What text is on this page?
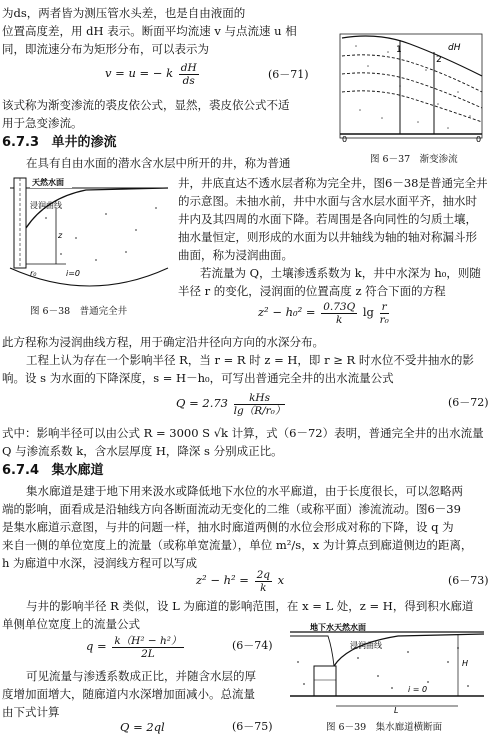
为ds，两者皆为测压管水头差，也是自由液面的
位置高度差，用 dH 表示。断面平均流速 v 与点流速 u 相
同，即流速分布为矩形分布，可以表示为
v = u = − k $\frac{dH}{ds}$	(6－71)
该式称为渐变渗流的裘皮依公式，显然，裘皮依公式不适
用于急变渗流。
6.7.3 单井的渗流
1
2
dH
0	0
图 6－37　渐变渗流
在具有自由水面的潜水含水层中所开的井，称为普通
井，井底直达不透水层者称为完全井，图6－38是普通完全井
的示意图。未抽水前，井中水面与含水层水面平齐，抽水时
井内及其四周的水面下降。若周围是各向同性的匀质土壤，
抽水量恒定，则形成的水面为以井轴线为轴的轴对称漏斗形
曲面，称为浸润曲面。
若流量为 Q，土壤渗透系数为 k，井中水深为 h₀，则随
半径 r 的变化，浸润面的位置高度 z 符合下面的方程
天然水面
浸润曲线
z
r₀	i=0
图 6－38　普通完全井	$z^2 - h_0^2 = \frac{0.73Q}{k}$ $\lg \frac{r}{\text{r₀}}$
此方程称为浸润曲线方程，用于确定沿井径向方向的水深分布。
工程上认为存在一个影响半径 R，当 r = R 时 z = H，即 r ≥ R 时水位不受井抽水的影
响。设 s 为水面的下降深度，s = H－h₀，可写出普通完全井的出水流量公式
$Q = 2.73 \frac{\text{kHs}}{\text{lg（R/r₀）}}$	(6－72)
式中：影响半径可以由公式 R = 3000 S √k 计算，式（6－72）表明，普通完全井的出水流量
Q 与渗流系数 k，含水层厚度 H，降深 s 分别成正比。
6.7.4 集水廊道
集水廊道是建于地下用来汲水或降低地下水位的水平廊道，由于长度很长，可以忽略两
端的影响，面看成是沿轴线方向各断面流动无变化的二维（或称平面）渗流流动。图6－39
是集水廊道示意图，与井的问题一样，抽水时廊道两侧的水位会形成对称的下降，设 q 为
来自一侧的单位宽度上的流量（或称单宽流量），单位 m²/s，x 为计算点到廊道侧边的距离，
h 为廊道中水深，浸润线方程可以写成
$z^2 - h^2 = \frac{2q}{k}$ x	(6－73)
与井的影响半径 R 类似，设 L 为廊道的影响范围，在 x = L 处，z = H，得到积水廊道
单侧单位宽度上的流量公式
$q = \frac{\text{k（H² − h²）}}{2L}$	(6－74)
可见流量与渗透系数成正比，并随含水层的厚
度增加面增大，随廊道内水深增加面减小。总流量
由下式计算
Q = 2ql	(6－75)
地下水天然水面
浸润曲线
H
L
i = 0
图 6－39　集水廊道横断面
